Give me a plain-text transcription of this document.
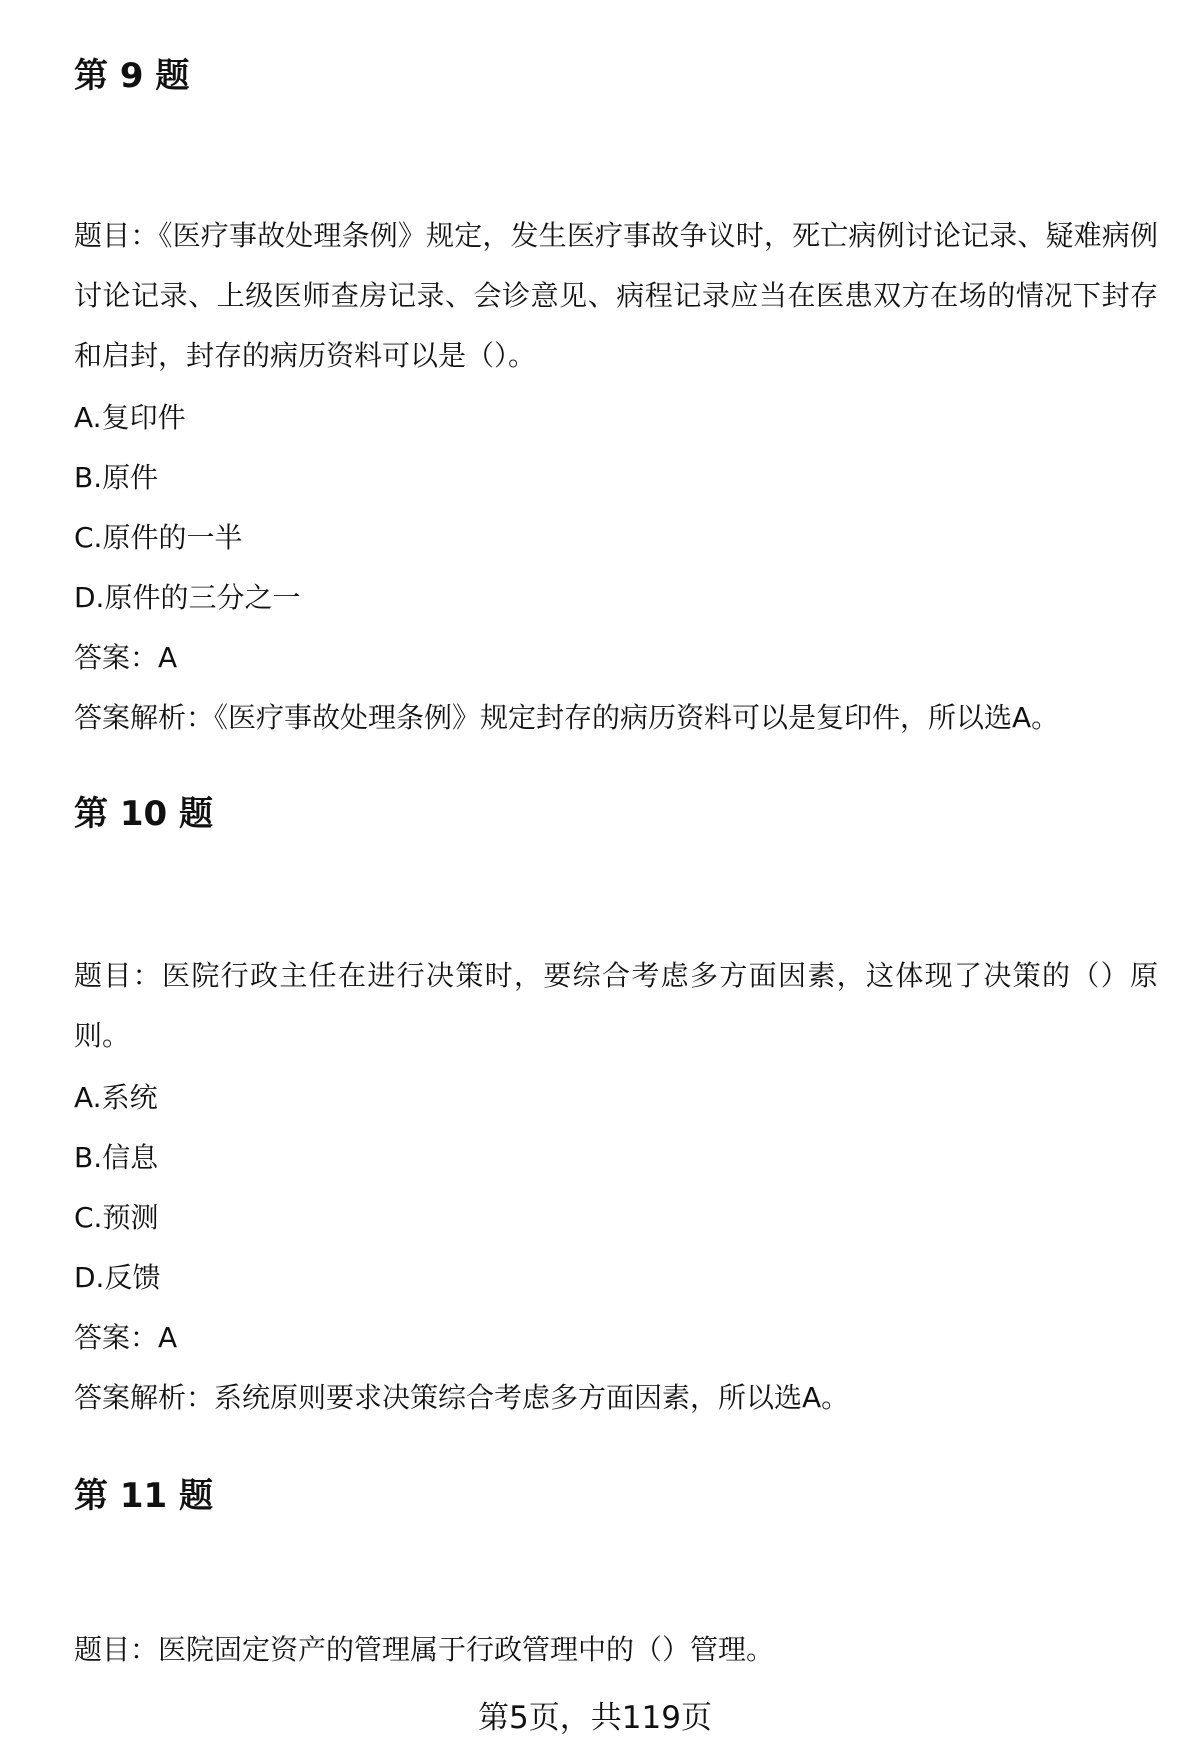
第 9 题
题目：《医疗事故处理条例》规定，发生医疗事故争议时，死亡病例讨论记录、疑难病例讨论记录、上级医师查房记录、会诊意见、病程记录应当在医患双方在场的情况下封存和启封，封存的病历资料可以是（）。
A.复印件
B.原件
C.原件的一半
D.原件的三分之一
答案：A
答案解析：《医疗事故处理条例》规定封存的病历资料可以是复印件，所以选A。
第 10 题
题目：医院行政主任在进行决策时，要综合考虑多方面因素，这体现了决策的（）原则。
A.系统
B.信息
C.预测
D.反馈
答案：A
答案解析：系统原则要求决策综合考虑多方面因素，所以选A。
第 11 题
题目：医院固定资产的管理属于行政管理中的（）管理。
第5页，共119页
